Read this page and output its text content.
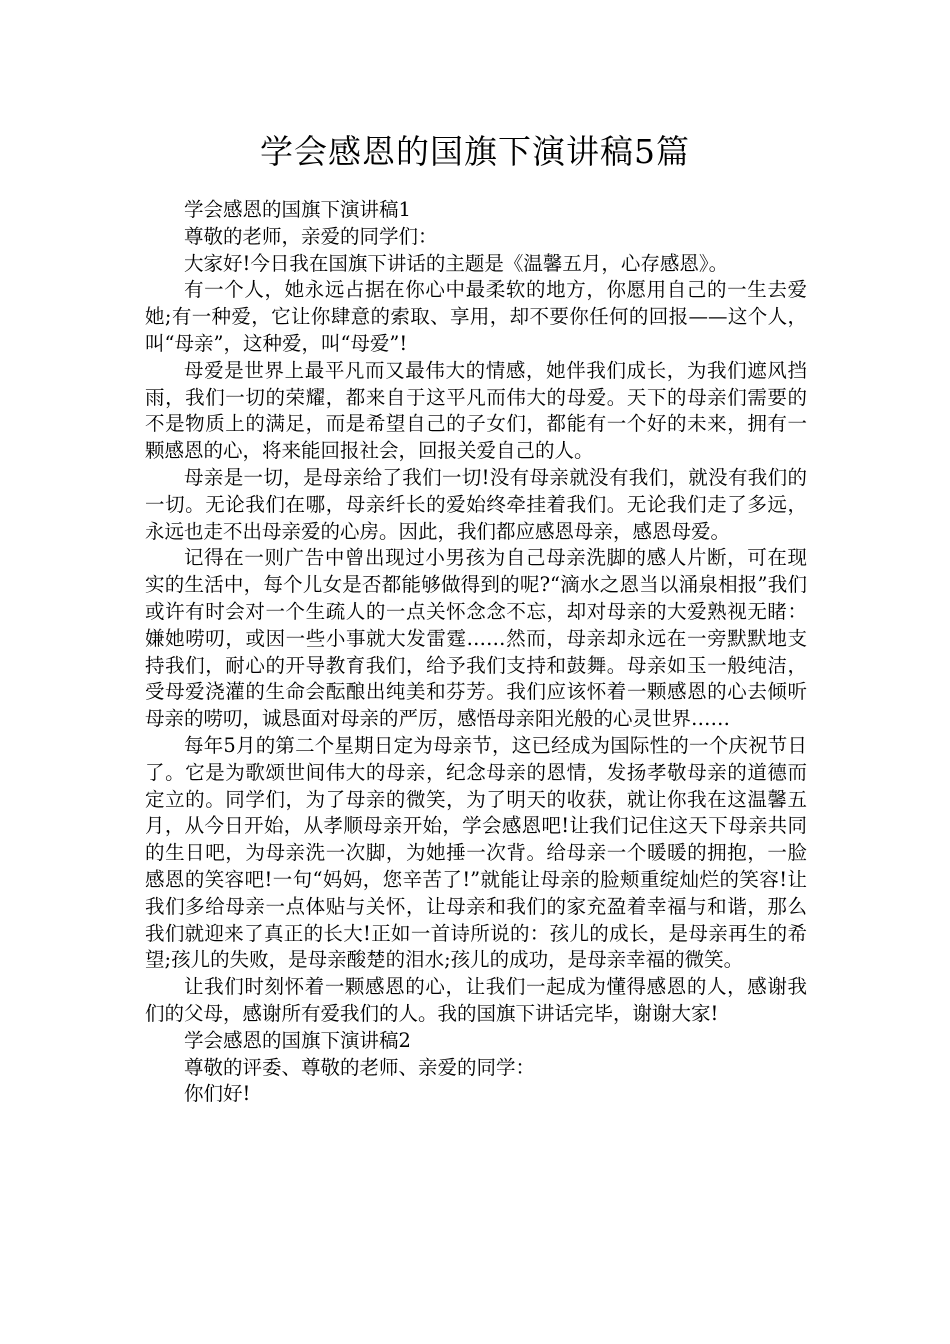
学会感恩的国旗下演讲稿5篇

学会感恩的国旗下演讲稿1

尊敬的老师，亲爱的同学们：

大家好!今日我在国旗下讲话的主题是《温馨五月，心存感恩》。

有一个人，她永远占据在你心中最柔软的地方，你愿用自己的一生去爱她;有一种爱，它让你肆意的索取、享用，却不要你任何的回报——这个人，叫“母亲”，这种爱，叫“母爱”!

母爱是世界上最平凡而又最伟大的情感，她伴我们成长，为我们遮风挡雨，我们一切的荣耀，都来自于这平凡而伟大的母爱。天下的母亲们需要的不是物质上的满足，而是希望自己的子女们，都能有一个好的未来，拥有一颗感恩的心，将来能回报社会，回报关爱自己的人。

母亲是一切，是母亲给了我们一切!没有母亲就没有我们，就没有我们的一切。无论我们在哪，母亲纤长的爱始终牵挂着我们。无论我们走了多远，永远也走不出母亲爱的心房。因此，我们都应感恩母亲，感恩母爱。

记得在一则广告中曾出现过小男孩为自己母亲洗脚的感人片断，可在现实的生活中，每个儿女是否都能够做得到的呢?“滴水之恩当以涌泉相报”我们或许有时会对一个生疏人的一点关怀念念不忘，却对母亲的大爱熟视无睹：嫌她唠叨，或因一些小事就大发雷霆……然而，母亲却永远在一旁默默地支持我们，耐心的开导教育我们，给予我们支持和鼓舞。母亲如玉一般纯洁，受母爱浇灌的生命会酝酿出纯美和芬芳。我们应该怀着一颗感恩的心去倾听母亲的唠叨，诚恳面对母亲的严厉，感悟母亲阳光般的心灵世界……

每年5月的第二个星期日定为母亲节，这已经成为国际性的一个庆祝节日了。它是为歌颂世间伟大的母亲，纪念母亲的恩情，发扬孝敬母亲的道德而定立的。同学们，为了母亲的微笑，为了明天的收获，就让你我在这温馨五月，从今日开始，从孝顺母亲开始，学会感恩吧!让我们记住这天下母亲共同的生日吧，为母亲洗一次脚，为她捶一次背。给母亲一个暖暖的拥抱，一脸感恩的笑容吧!一句“妈妈，您辛苦了!”就能让母亲的脸颊重绽灿烂的笑容!让我们多给母亲一点体贴与关怀，让母亲和我们的家充盈着幸福与和谐，那么我们就迎来了真正的长大!正如一首诗所说的：孩儿的成长，是母亲再生的希望;孩儿的失败，是母亲酸楚的泪水;孩儿的成功，是母亲幸福的微笑。

让我们时刻怀着一颗感恩的心，让我们一起成为懂得感恩的人，感谢我们的父母，感谢所有爱我们的人。我的国旗下讲话完毕，谢谢大家!

学会感恩的国旗下演讲稿2

尊敬的评委、尊敬的老师、亲爱的同学：

你们好!
